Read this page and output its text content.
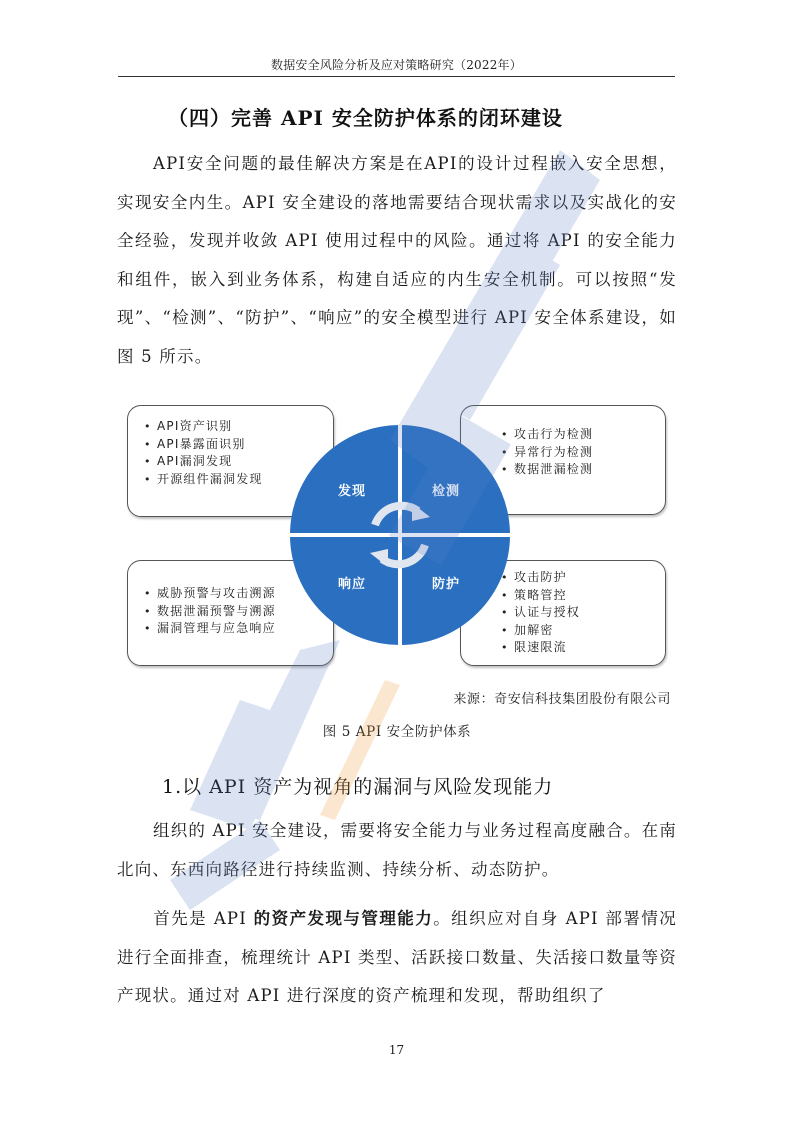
数据安全风险分析及应对策略研究（2022年）
（四）完善 API 安全防护体系的闭环建设
API安全问题的最佳解决方案是在API的设计过程嵌入安全思想，实现安全内生。API 安全建设的落地需要结合现状需求以及实战化的安全经验，发现并收敛 API 使用过程中的风险。通过将 API 的安全能力和组件，嵌入到业务体系，构建自适应的内生安全机制。可以按照“发现”、“检测”、“防护”、“响应”的安全模型进行 API 安全体系建设，如图 5 所示。
• API资产识别
• API暴露面识别
• API漏洞发现
• 开源组件漏洞发现
• 攻击行为检测
• 异常行为检测
• 数据泄漏检测
• 威胁预警与攻击溯源
• 数据泄漏预警与溯源
• 漏洞管理与应急响应
• 攻击防护
• 策略管控
• 认证与授权
• 加解密
• 限速限流
发现	检测
响应	防护
来源：奇安信科技集团股份有限公司
图 5 API 安全防护体系
1.以 API 资产为视角的漏洞与风险发现能力
组织的 API 安全建设，需要将安全能力与业务过程高度融合。在南北向、东西向路径进行持续监测、持续分析、动态防护。
首先是 API 的资产发现与管理能力。组织应对自身 API 部署情况进行全面排查，梳理统计 API 类型、活跃接口数量、失活接口数量等资产现状。通过对 API 进行深度的资产梳理和发现，帮助组织了
17
